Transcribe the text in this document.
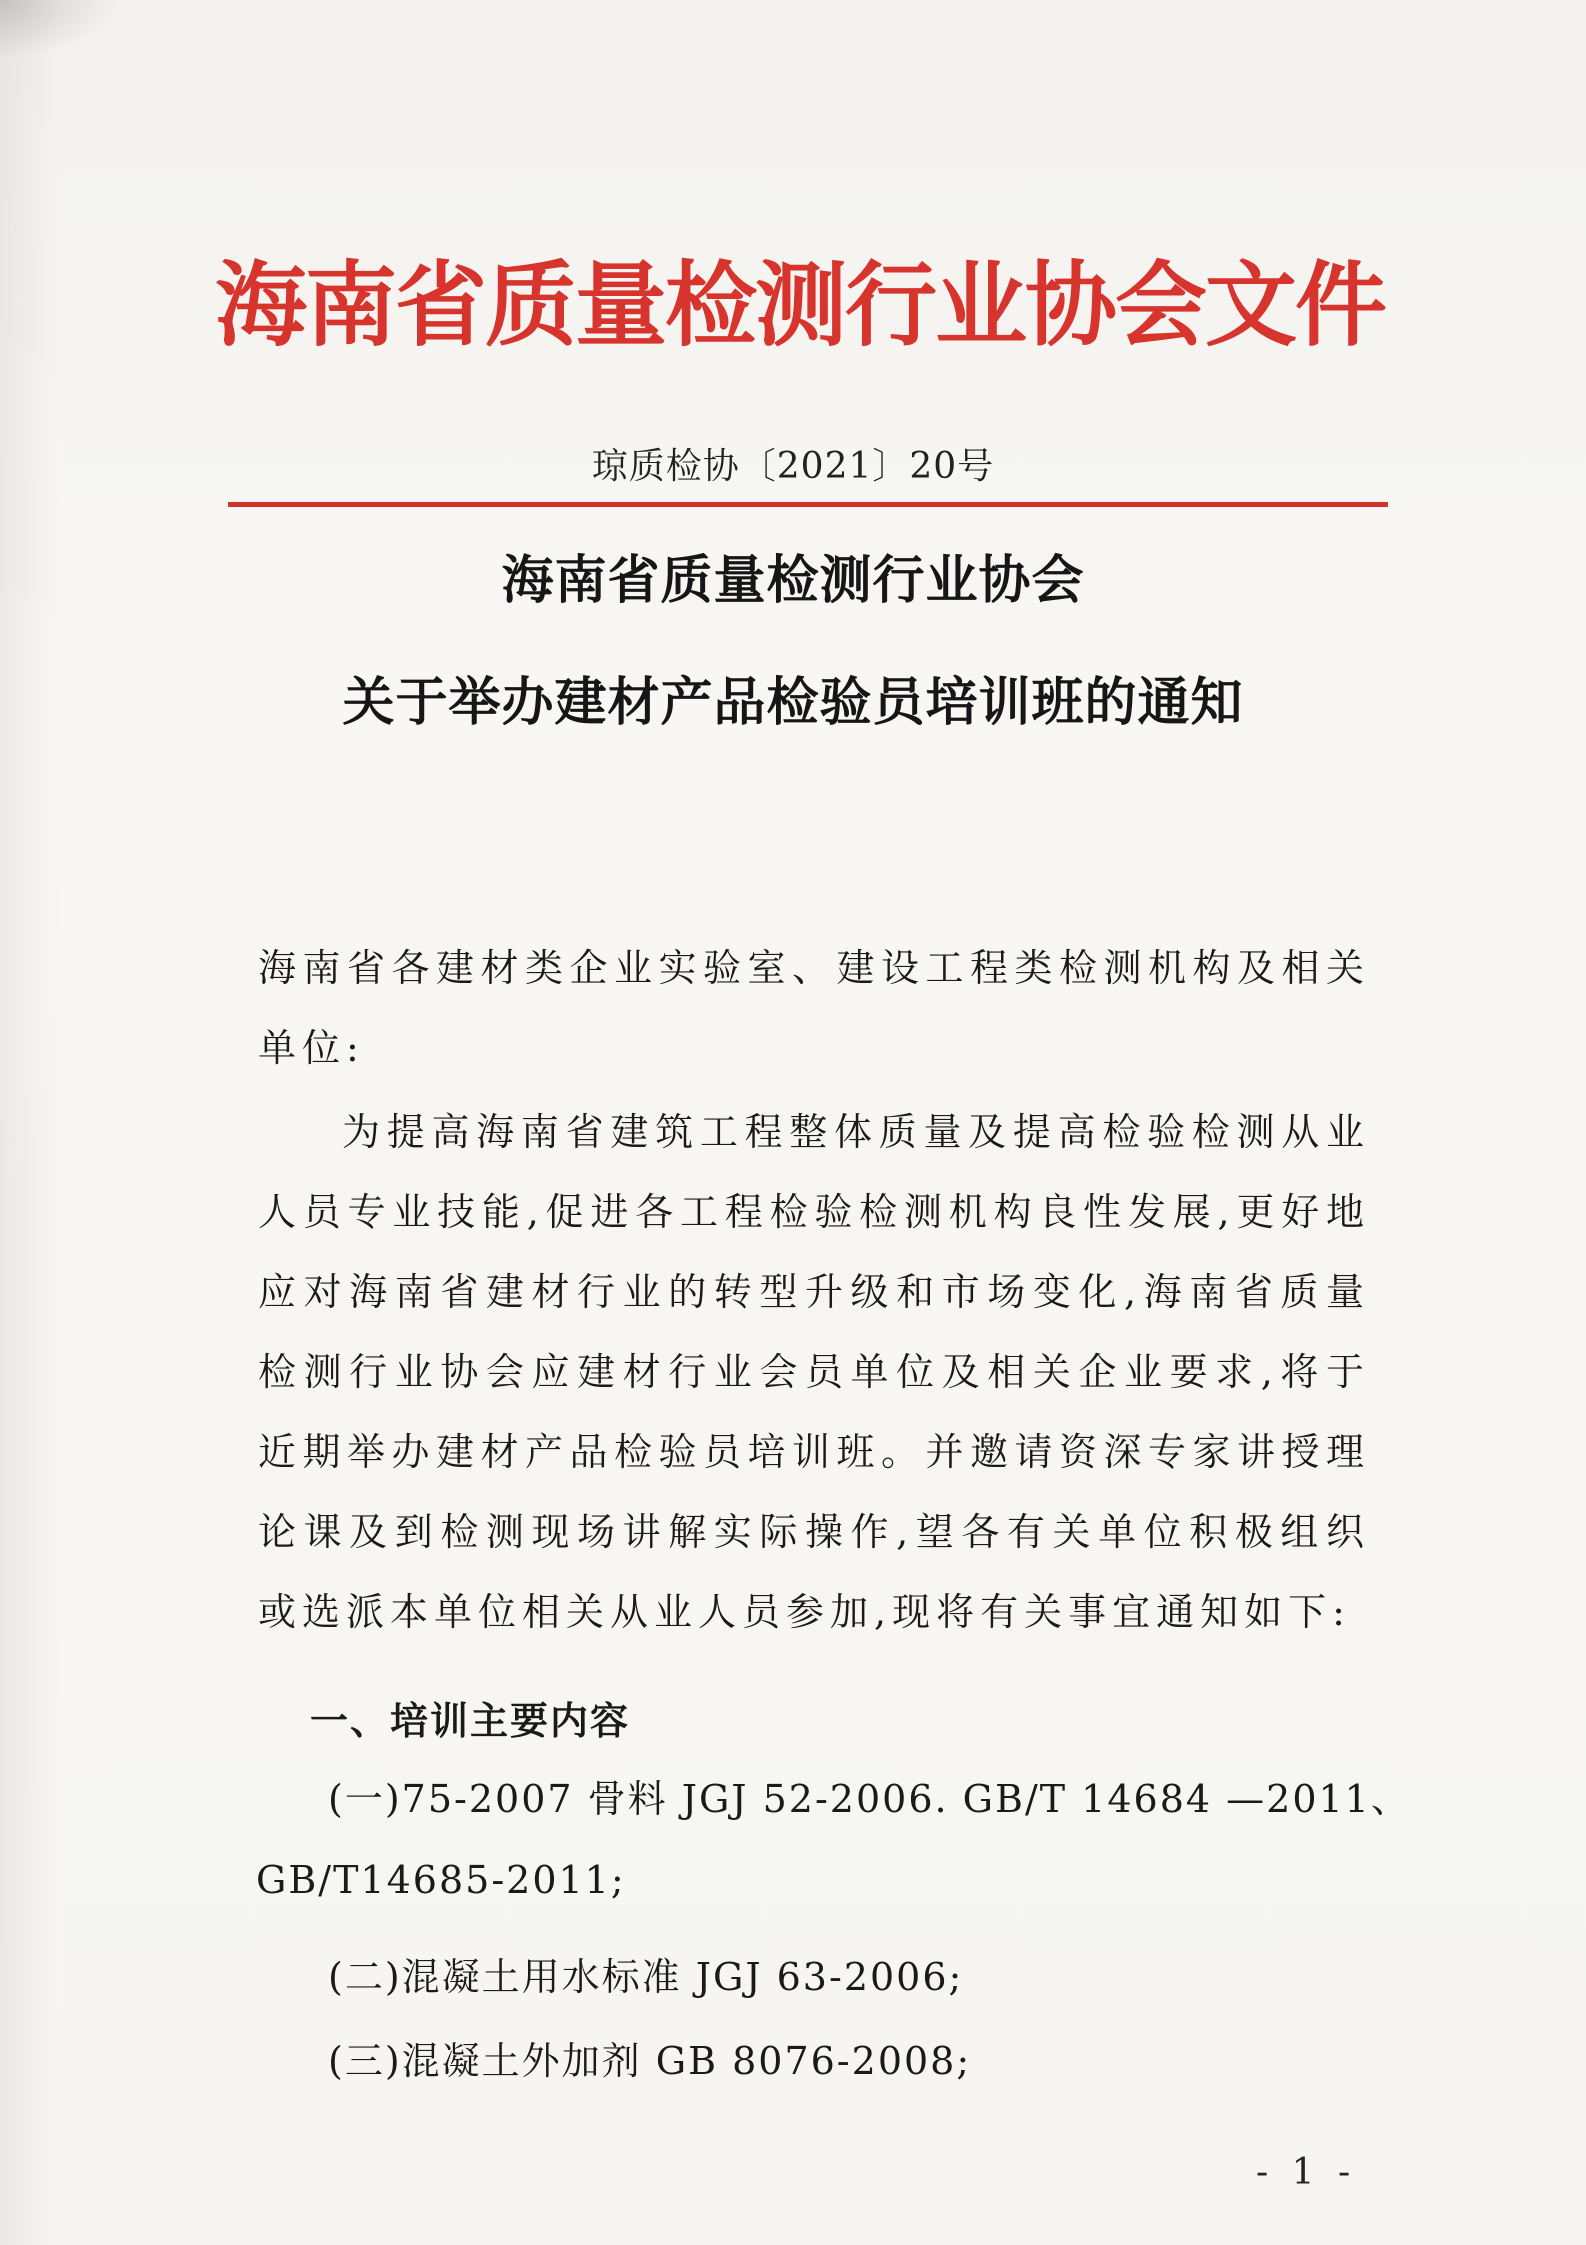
海南省质量检测行业协会文件
琼质检协〔2021〕20号
海南省质量检测行业协会
关于举办建材产品检验员培训班的通知
海南省各建材类企业实验室、建设工程类检测机构及相关单位:
为提高海南省建筑工程整体质量及提高检验检测从业人员专业技能,促进各工程检验检测机构良性发展,更好地应对海南省建材行业的转型升级和市场变化,海南省质量检测行业协会应建材行业会员单位及相关企业要求,将于近期举办建材产品检验员培训班。并邀请资深专家讲授理论课及到检测现场讲解实际操作,望各有关单位积极组织或选派本单位相关从业人员参加,现将有关事宜通知如下:
一、培训主要内容
(一)75-2007 骨料 JGJ 52-2006. GB/T 14684 —2011、
GB/T14685-2011;
(二)混凝土用水标准 JGJ 63-2006;
(三)混凝土外加剂 GB 8076-2008;
- 1 -
